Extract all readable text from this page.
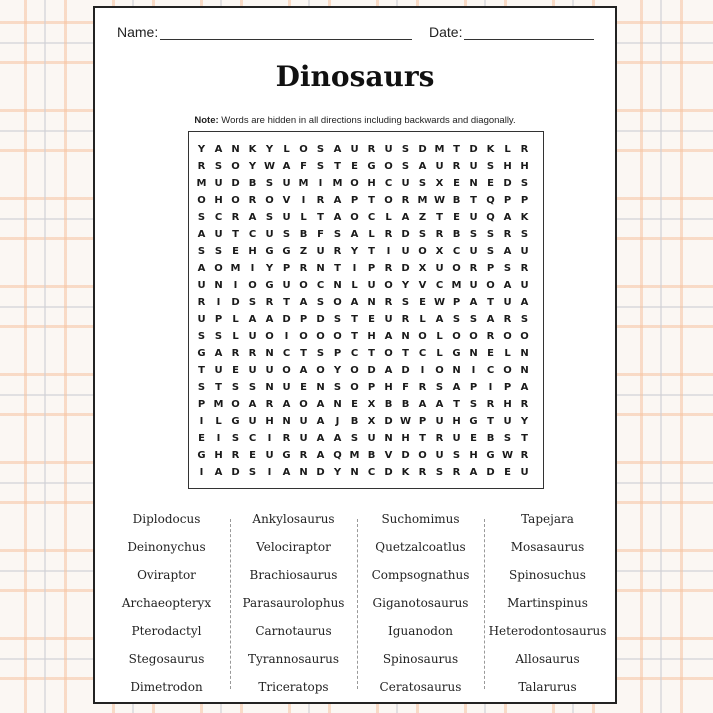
Name:	Date:
Dinosaurs
Note: Words are hidden in all directions including backwards and diagonally.
Y A N K Y	L O S A U R U S D M T D K L R
R S O Y W A F S T	E G O S A U R U S H H
M U D B S U M	I	M O H C U S X E N E D S
O H O R O V	I	R A P T O R M W B T Q P P
S C R A S U L	T A O C	L A Z T	E U Q A K
A U T C U S B F S A L R D S R B S S R S
S S E H G G Z U R Y T	I	U O X C U S A U
A O M	I	Y P R N T	I	P R D X U O R P S R
U N	I	O G U O C N L U O Y V C M U O A U
R	I	D S R T A S O A N R S E W P A T U A
U P	L A A D P D S T	E U R L A S S A R S
S S	L U O	I	O O O T H A N O L O O R O O
G A R R N C T S P C T O T C	L G N E	L N
T U E U U O A O Y O D A D	I	O N	I	C O N
S T S S N U E N S O P H F R S A P	I	P A
P M O A R A O A N E X B B A A T S R H R
I	L G U H N U A	J	B X D W P U H G T U Y
E	I	S C	I	R U A A S U N H T R U E B S T
G H R E U G R A Q M B V D O U S H G W R
I	A D S	I	A N D Y N C D K R S R A D E U
Diplodocus
Deinonychus
Oviraptor
Archaeopteryx
Pterodactyl
Stegosaurus
Dimetrodon
Ankylosaurus
Velociraptor
Brachiosaurus
Parasaurolophus
Carnotaurus
Tyrannosaurus
Triceratops
Suchomimus
Quetzalcoatlus
Compsognathus
Giganotosaurus
Iguanodon
Spinosaurus
Ceratosaurus
Tapejara
Mosasaurus
Spinosuchus
Martinspinus
Heterodontosaurus
Allosaurus
Talarurus
